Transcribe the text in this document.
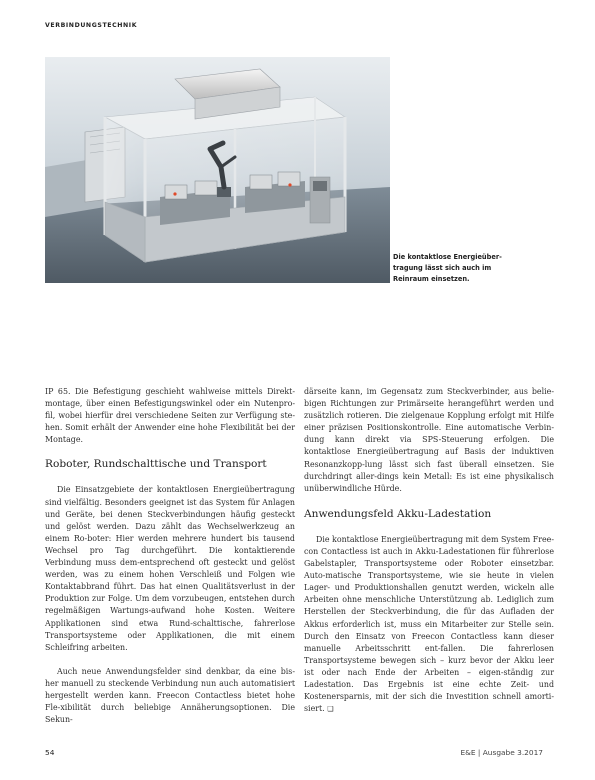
VERBINDUNGSTECHNIK
Die kontaktlose Energieüber-tragung lässt sich auch im Reinraum einsetzen.

IP 65. Die Befestigung geschieht wahlweise mittels Direkt-montage, über einen Befestigungswinkel oder ein Nutenpro-fil, wobei hierfür drei verschiedene Seiten zur Verfügung ste-hen. Somit erhält der Anwender eine hohe Flexibilität bei der Montage.

Roboter, Rundschalttische und Transport

Die Einsatzgebiete der kontaktlosen Energieübertragung sind vielfältig. Besonders geeignet ist das System für Anlagen und Geräte, bei denen Steckverbindungen häufig gesteckt und gelöst werden. Dazu zählt das Wechselwerkzeug an einem Ro-boter: Hier werden mehrere hundert bis tausend Wechsel pro Tag durchgeführt. Die kontaktierende Verbindung muss dem-entsprechend oft gesteckt und gelöst werden, was zu einem hohen Verschleiß und Folgen wie Kontaktabbrand führt. Das hat einen Qualitätsverlust in der Produktion zur Folge. Um dem vorzubeugen, entstehen durch regelmäßigen Wartungs-aufwand hohe Kosten. Weitere Applikationen sind etwa Rund-schalttische, fahrerlose Transportsysteme oder Applikationen, die mit einem Schleifring arbeiten.

Auch neue Anwendungsfelder sind denkbar, da eine bis-her manuell zu steckende Verbindung nun auch automatisiert hergestellt werden kann. Freecon Contactless bietet hohe Fle-xibilität durch beliebige Annäherungsoptionen. Die Sekun-

därseite kann, im Gegensatz zum Steckverbinder, aus belie-bigen Richtungen zur Primärseite herangeführt werden und zusätzlich rotieren. Die zielgenaue Kopplung erfolgt mit Hilfe einer präzisen Positionskontrolle. Eine automatische Verbin-dung kann direkt via SPS-Steuerung erfolgen. Die kontaktlose Energieübertragung auf Basis der induktiven Resonanzkopp-lung lässt sich fast überall einsetzen. Sie durchdringt aller-dings kein Metall: Es ist eine physikalisch unüberwindliche Hürde.

Anwendungsfeld Akku-Ladestation

Die kontaktlose Energieübertragung mit dem System Free-con Contactless ist auch in Akku-Ladestationen für führerlose Gabelstapler, Transportsysteme oder Roboter einsetzbar. Auto-matische Transportsysteme, wie sie heute in vielen Lager- und Produktionshallen genutzt werden, wickeln alle Arbeiten ohne menschliche Unterstützung ab. Lediglich zum Herstellen der Steckverbindung, die für das Aufladen der Akkus erforderlich ist, muss ein Mitarbeiter zur Stelle sein. Durch den Einsatz von Freecon Contactless kann dieser manuelle Arbeitsschritt ent-fallen. Die fahrerlosen Transportsysteme bewegen sich – kurz bevor der Akku leer ist oder nach Ende der Arbeiten – eigen-ständig zur Ladestation. Das Ergebnis ist eine echte Zeit- und Kostenersparnis, mit der sich die Investition schnell amorti-siert. ❑

54	E&E | Ausgabe 3.2017
